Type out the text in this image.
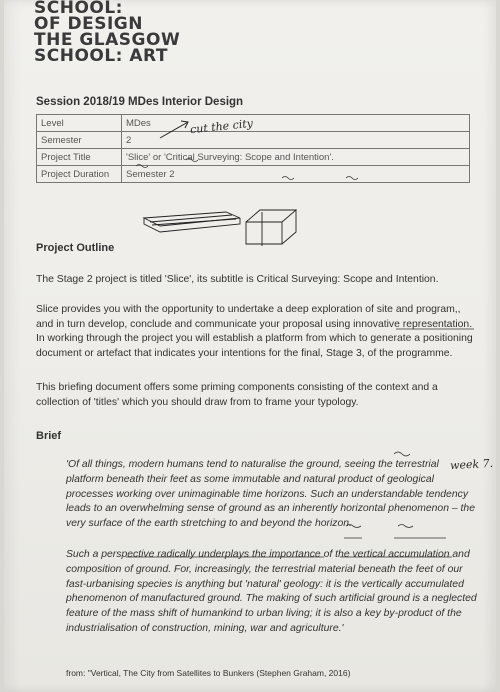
SCHOOL:
OF DESIGN
THE GLASGOW
SCHOOL: ART
Session 2018/19 MDes Interior Design
Level	MDes
Semester	2
Project Title	'Slice' or 'Critical Surveying: Scope and Intention'.
Project Duration	Semester 2
cut the city
Project Outline
The Stage 2 project is titled 'Slice', its subtitle is Critical Surveying: Scope and Intention.
Slice provides you with the opportunity to undertake a deep exploration of site and program,, and in turn develop, conclude and communicate your proposal using innovative representation. In working through the project you will establish a platform from which to generate a positioning document or artefact that indicates your intentions for the final, Stage 3, of the programme.
This briefing document offers some priming components consisting of the context and a collection of 'titles' which you should draw from to frame your typology.
Brief
'Of all things, modern humans tend to naturalise the ground, seeing the terrestrial platform beneath their feet as some immutable and natural product of geological processes working over unimaginable time horizons. Such an understandable tendency leads to an overwhelming sense of ground as an inherently horizontal phenomenon – the very surface of the earth stretching to and beyond the horizon.
Such a perspective radically underplays the importance of the vertical accumulation and composition of ground. For, increasingly, the terrestrial material beneath the feet of our fast-urbanising species is anything but 'natural' geology: it is the vertically accumulated phenomenon of manufactured ground. The making of such artificial ground is a neglected feature of the mass shift of humankind to urban living; it is also a key by-product of the industrialisation of construction, mining, war and agriculture.'
week 7.
from: "Vertical, The City from Satellites to Bunkers (Stephen Graham, 2016)
